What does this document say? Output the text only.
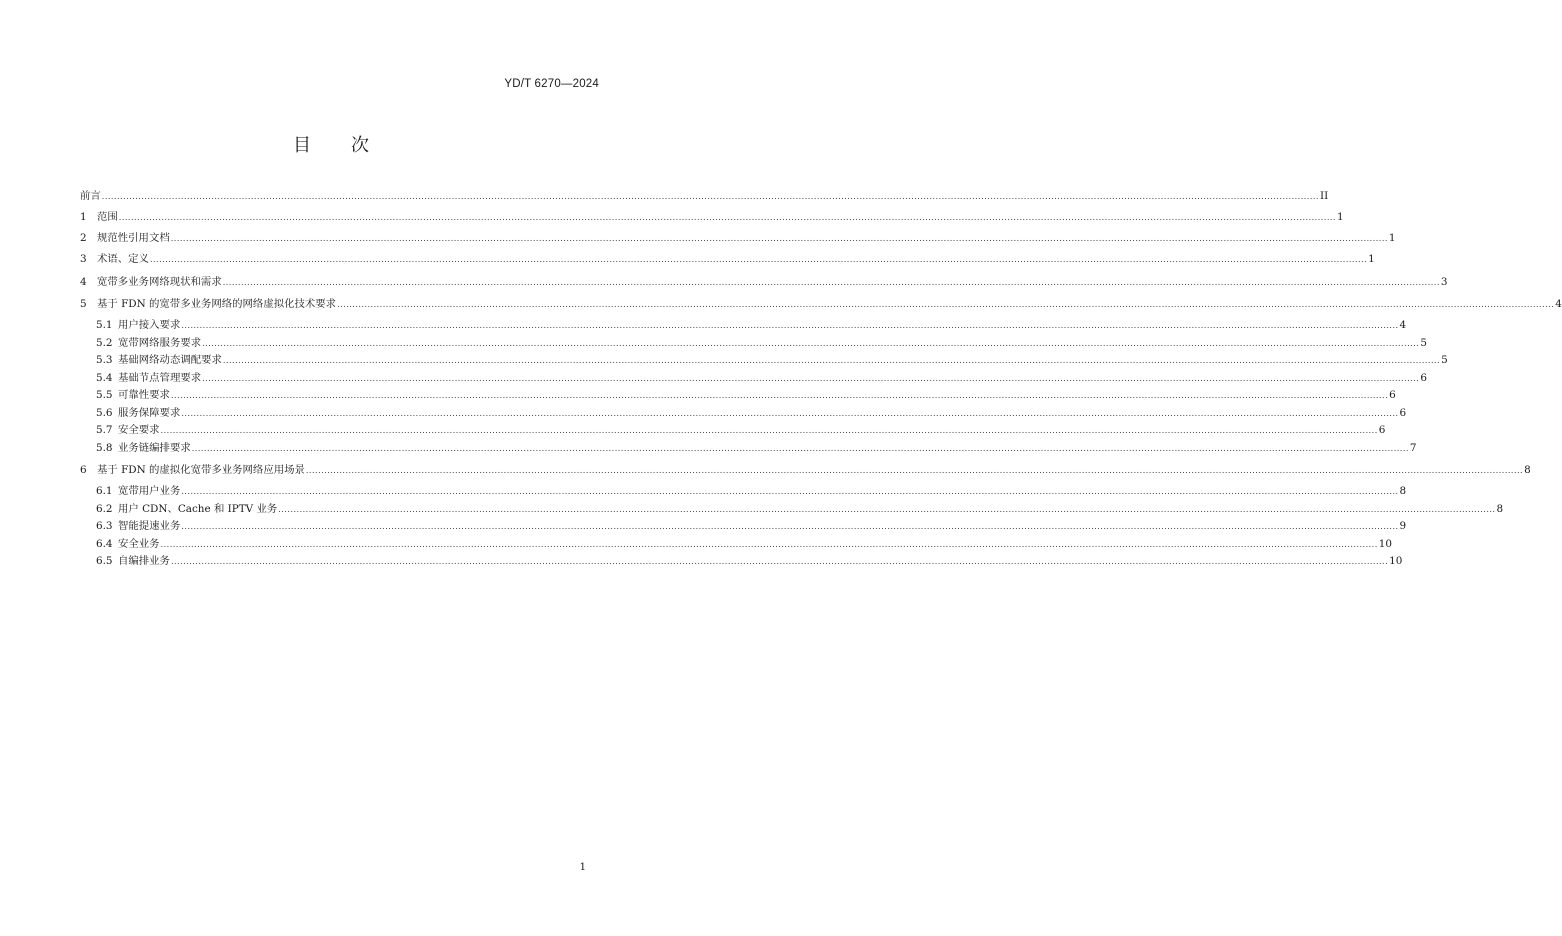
YD/T 6270—2024
目 次
前言 ................................................................................................................................................................................................................................................................................................................................................................................................................ II
1 范围 ................................................................................................................................................................................................................................................................................................................................................................................................................ 1
2 规范性引用文档 ................................................................................................................................................................................................................................................................................................................................................................................................................ 1
3 术语、定义 ................................................................................................................................................................................................................................................................................................................................................................................................................ 1
4 宽带多业务网络现状和需求 ................................................................................................................................................................................................................................................................................................................................................................................................................ 3
5 基于 FDN 的宽带多业务网络的网络虚拟化技术要求 ................................................................................................................................................................................................................................................................................................................................................................................................................ 4
5.1 用户接入要求 ................................................................................................................................................................................................................................................................................................................................................................................................................ 4
5.2 宽带网络服务要求 ................................................................................................................................................................................................................................................................................................................................................................................................................ 5
5.3 基础网络动态调配要求 ................................................................................................................................................................................................................................................................................................................................................................................................................ 5
5.4 基础节点管理要求 ................................................................................................................................................................................................................................................................................................................................................................................................................ 6
5.5 可靠性要求 ................................................................................................................................................................................................................................................................................................................................................................................................................ 6
5.6 服务保障要求 ................................................................................................................................................................................................................................................................................................................................................................................................................ 6
5.7 安全要求 ................................................................................................................................................................................................................................................................................................................................................................................................................ 6
5.8 业务链编排要求 ................................................................................................................................................................................................................................................................................................................................................................................................................ 7
6 基于 FDN 的虚拟化宽带多业务网络应用场景 ................................................................................................................................................................................................................................................................................................................................................................................................................ 8
6.1 宽带用户业务 ................................................................................................................................................................................................................................................................................................................................................................................................................ 8
6.2 用户 CDN、Cache 和 IPTV 业务 ................................................................................................................................................................................................................................................................................................................................................................................................................ 8
6.3 智能提速业务 ................................................................................................................................................................................................................................................................................................................................................................................................................ 9
6.4 安全业务 ................................................................................................................................................................................................................................................................................................................................................................................................................ 10
6.5 自编排业务 ................................................................................................................................................................................................................................................................................................................................................................................................................ 10
1
